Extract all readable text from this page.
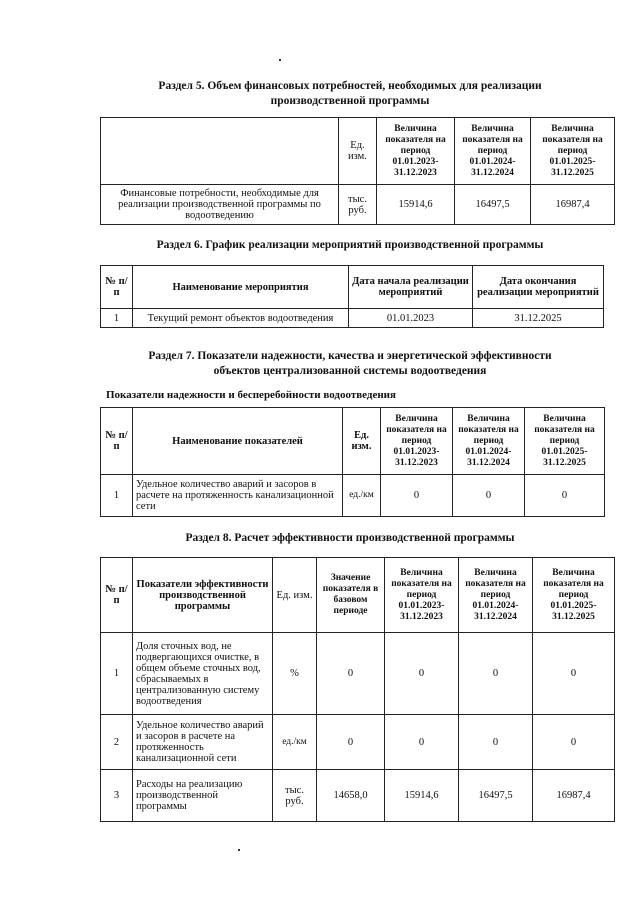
Раздел 5. Объем финансовых потребностей, необходимых для реализации
производственной программы
	Ед. изм.	Величина показателя на период 01.01.2023-31.12.2023	Величина показателя на период 01.01.2024-31.12.2024	Величина показателя на период 01.01.2025-31.12.2025
Финансовые потребности, необходимые для реализации производственной программы по водоотведению	тыс. руб.	15914,6	16497,5	16987,4
Раздел 6. График реализации мероприятий производственной программы
№ п/п	Наименование мероприятия	Дата начала реализации мероприятий	Дата окончания реализации мероприятий
1	Текущий ремонт объектов водоотведения	01.01.2023	31.12.2025
Раздел 7. Показатели надежности, качества и энергетической эффективности
объектов централизованной системы водоотведения
Показатели надежности и бесперебойности водоотведения
№ п/п	Наименование показателей	Ед. изм.	Величина показателя на период 01.01.2023-31.12.2023	Величина показателя на период 01.01.2024-31.12.2024	Величина показателя на период 01.01.2025-31.12.2025
1	Удельное количество аварий и засоров в расчете на протяженность канализационной сети	ед./км	0	0	0
Раздел 8. Расчет эффективности производственной программы
№ п/п	Показатели эффективности производственной программы	Ед. изм.	Значение показателя в базовом периоде	Величина показателя на период 01.01.2023-31.12.2023	Величина показателя на период 01.01.2024-31.12.2024	Величина показателя на период 01.01.2025-31.12.2025
1	Доля сточных вод, не подвергающихся очистке, в общем объеме сточных вод, сбрасываемых в централизованную систему водоотведения	%	0	0	0	0
2	Удельное количество аварий и засоров в расчете на протяженность канализационной сети	ед./км	0	0	0	0
3	Расходы на реализацию производственной программы	тыс. руб.	14658,0	15914,6	16497,5	16987,4
